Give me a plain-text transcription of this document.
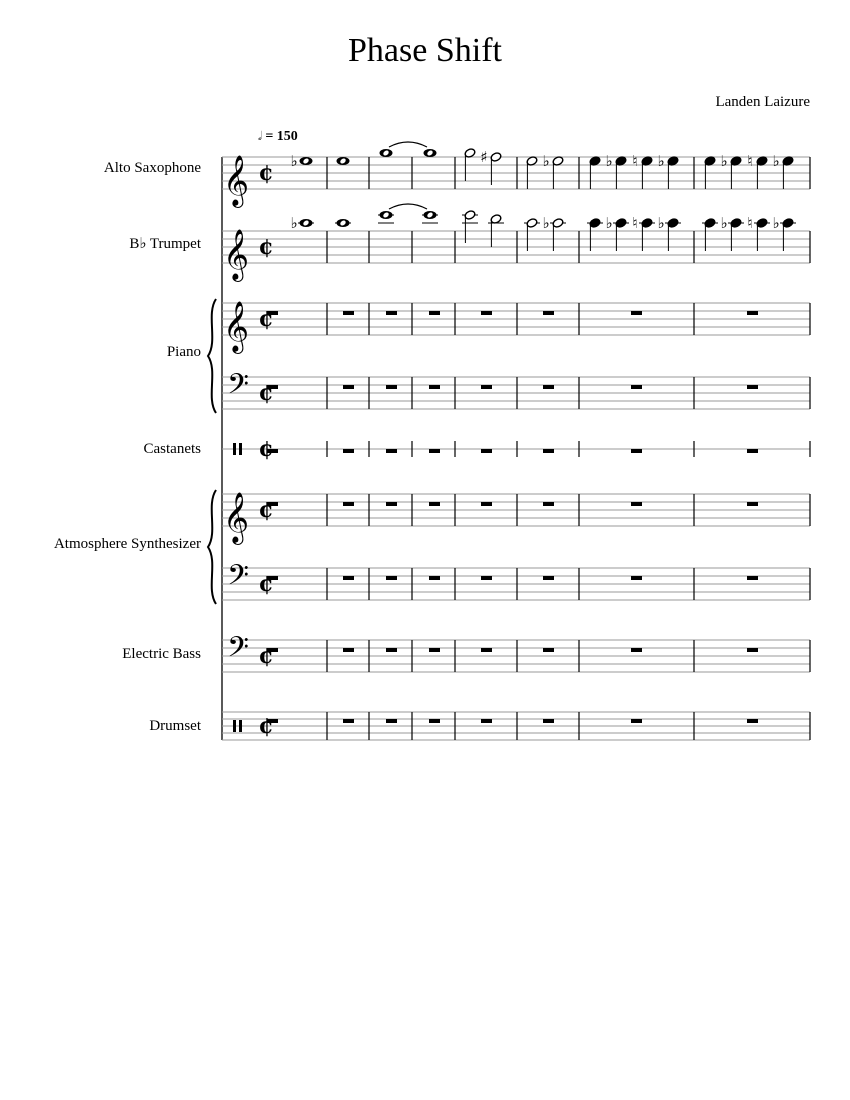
Phase Shift
Landen Laizure
𝅗𝅥 = 150
Alto Saxophone
B♭ Trumpet
Piano
Castanets
Atmosphere Synthesizer
Electric Bass
Drumset
𝄞 ¢
𝄞 ¢
𝄞 ¢
𝄢 ¢
¢
𝄞 ¢
𝄢 ¢
𝄢 ¢
¢
♭	♯	♭	♭ ♮ ♭	♭ ♮ ♭
♭	♭	♭ ♮ ♭	♭ ♮ ♭
